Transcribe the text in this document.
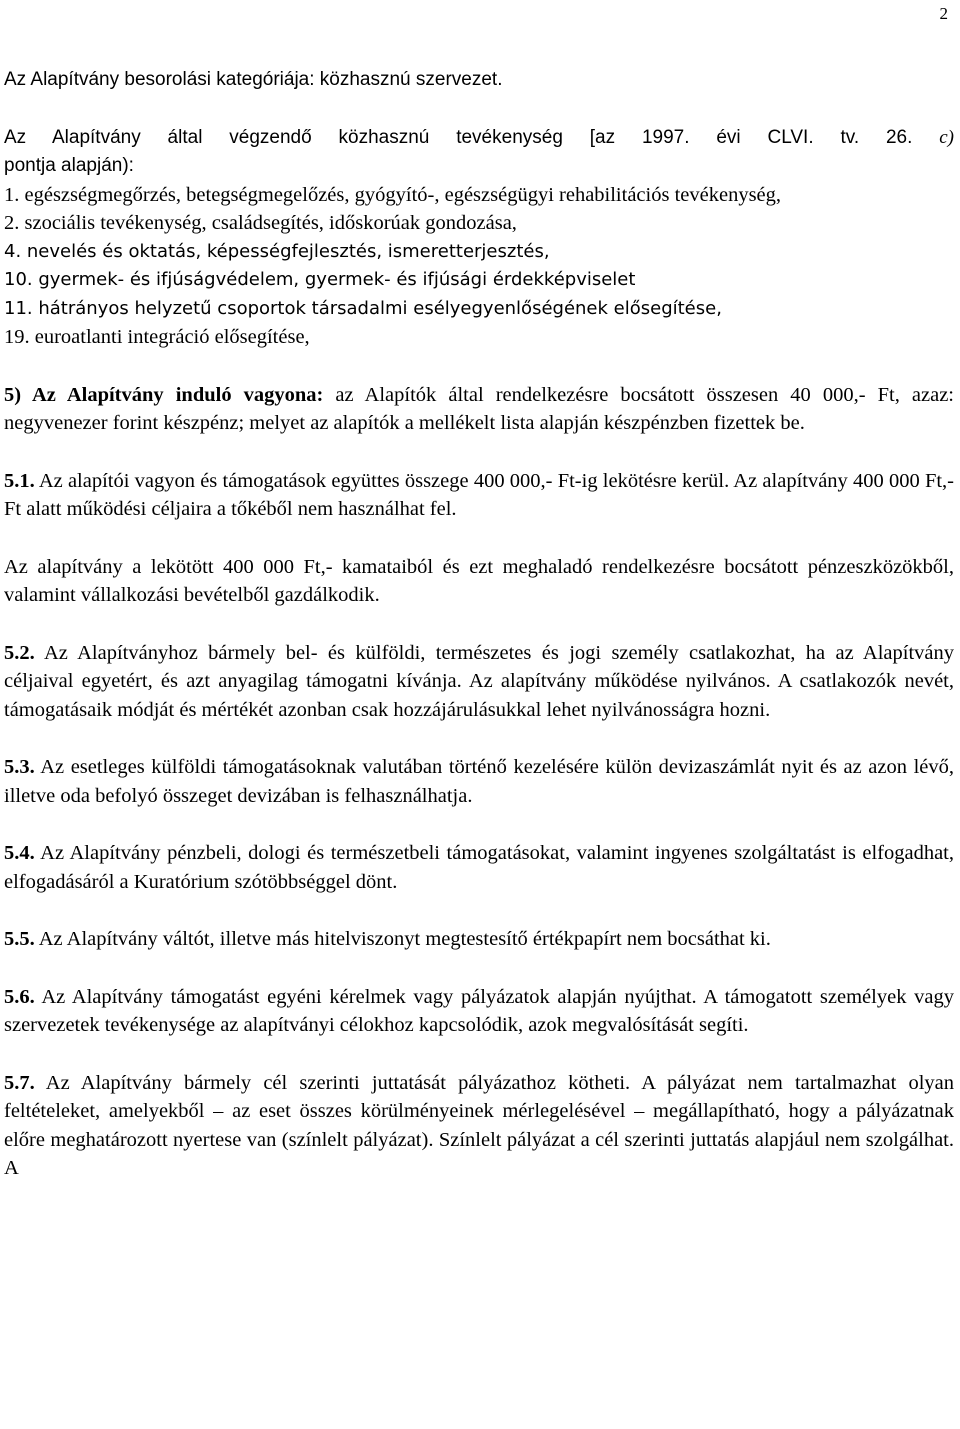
2

Az Alapítvány besorolási kategóriája: közhasznú szervezet.

Az Alapítvány által végzendő közhasznú tevékenység [az 1997. évi CLVI. tv. 26. c)

pontja alapján):

1. egészségmegőrzés, betegségmegelőzés, gyógyító-, egészségügyi rehabilitációs tevékenység,

2. szociális tevékenység, családsegítés, időskorúak gondozása,

4. nevelés és oktatás, képességfejlesztés, ismeretterjesztés,

10. gyermek- és ifjúságvédelem, gyermek- és ifjúsági érdekképviselet

11. hátrányos helyzetű csoportok társadalmi esélyegyenlőségének elősegítése,

19. euroatlanti integráció elősegítése,

5) Az Alapítvány induló vagyona: az Alapítók által rendelkezésre bocsátott összesen 40 000,- Ft, azaz: negyvenezer forint készpénz; melyet az alapítók a mellékelt lista alapján készpénzben fizettek be.

5.1. Az alapítói vagyon és támogatások együttes összege 400 000,- Ft-ig lekötésre kerül. Az alapítvány 400 000 Ft,- Ft alatt működési céljaira a tőkéből nem használhat fel.

Az alapítvány a lekötött 400 000 Ft,- kamataiból és ezt meghaladó rendelkezésre bocsátott pénzeszközökből, valamint vállalkozási bevételből gazdálkodik.

5.2. Az Alapítványhoz bármely bel- és külföldi, természetes és jogi személy csatlakozhat, ha az Alapítvány céljaival egyetért, és azt anyagilag támogatni kívánja. Az alapítvány működése nyilvános. A csatlakozók nevét, támogatásaik módját és mértékét azonban csak hozzájárulásukkal lehet nyilvánosságra hozni.

5.3. Az esetleges külföldi támogatásoknak valutában történő kezelésére külön devizaszámlát nyit és az azon lévő, illetve oda befolyó összeget devizában is felhasználhatja.

5.4. Az Alapítvány pénzbeli, dologi és természetbeli támogatásokat, valamint ingyenes szolgáltatást is elfogadhat, elfogadásáról a Kuratórium szótöbbséggel dönt.

5.5. Az Alapítvány váltót, illetve más hitelviszonyt megtestesítő értékpapírt nem bocsáthat ki.

5.6. Az Alapítvány támogatást egyéni kérelmek vagy pályázatok alapján nyújthat. A támogatott személyek vagy szervezetek tevékenysége az alapítványi célokhoz kapcsolódik, azok megvalósítását segíti.

5.7. Az Alapítvány bármely cél szerinti juttatását pályázathoz kötheti. A pályázat nem tartalmazhat olyan feltételeket, amelyekből – az eset összes körülményeinek mérlegelésével – megállapítható, hogy a pályázatnak előre meghatározott nyertese van (színlelt pályázat). Színlelt pályázat a cél szerinti juttatás alapjául nem szolgálhat. A
